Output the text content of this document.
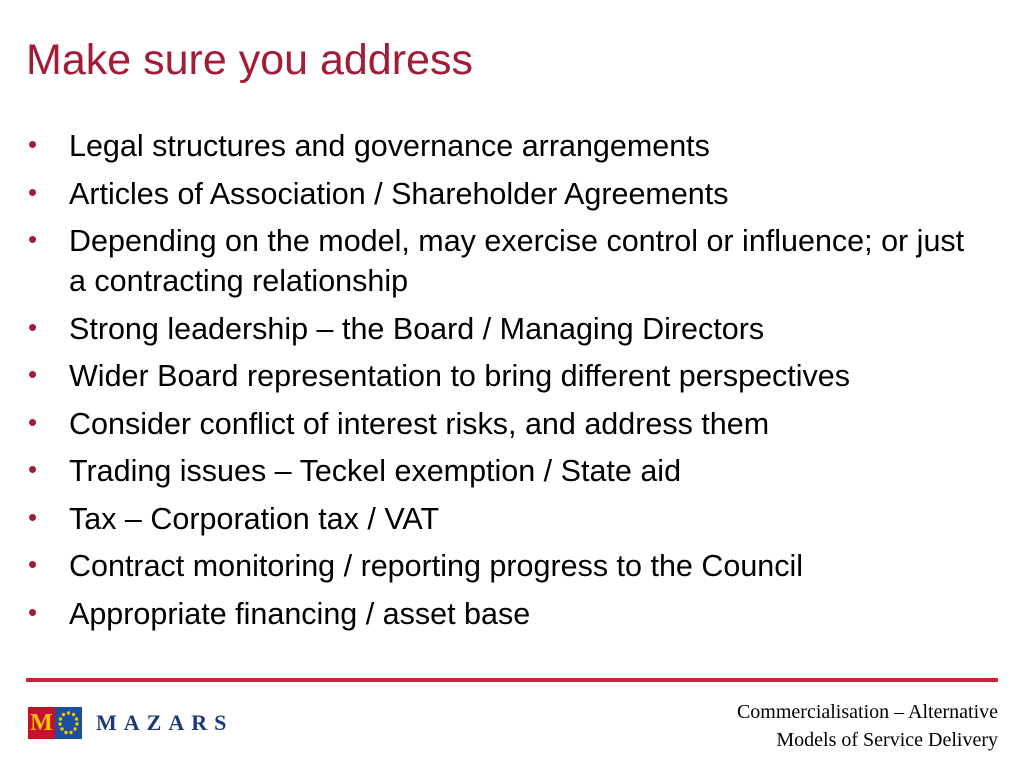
Make sure you address
• Legal structures and governance arrangements
• Articles of Association / Shareholder Agreements
• Depending on the model, may exercise control or influence; or just a contracting relationship
• Strong leadership – the Board / Managing Directors
• Wider Board representation to bring different perspectives
• Consider conflict of interest risks, and address them
• Trading issues – Teckel exemption / State aid
• Tax – Corporation tax / VAT
• Contract monitoring / reporting progress to the Council
• Appropriate financing / asset base
M MAZARS	Commercialisation – Alternative
Models of Service Delivery
